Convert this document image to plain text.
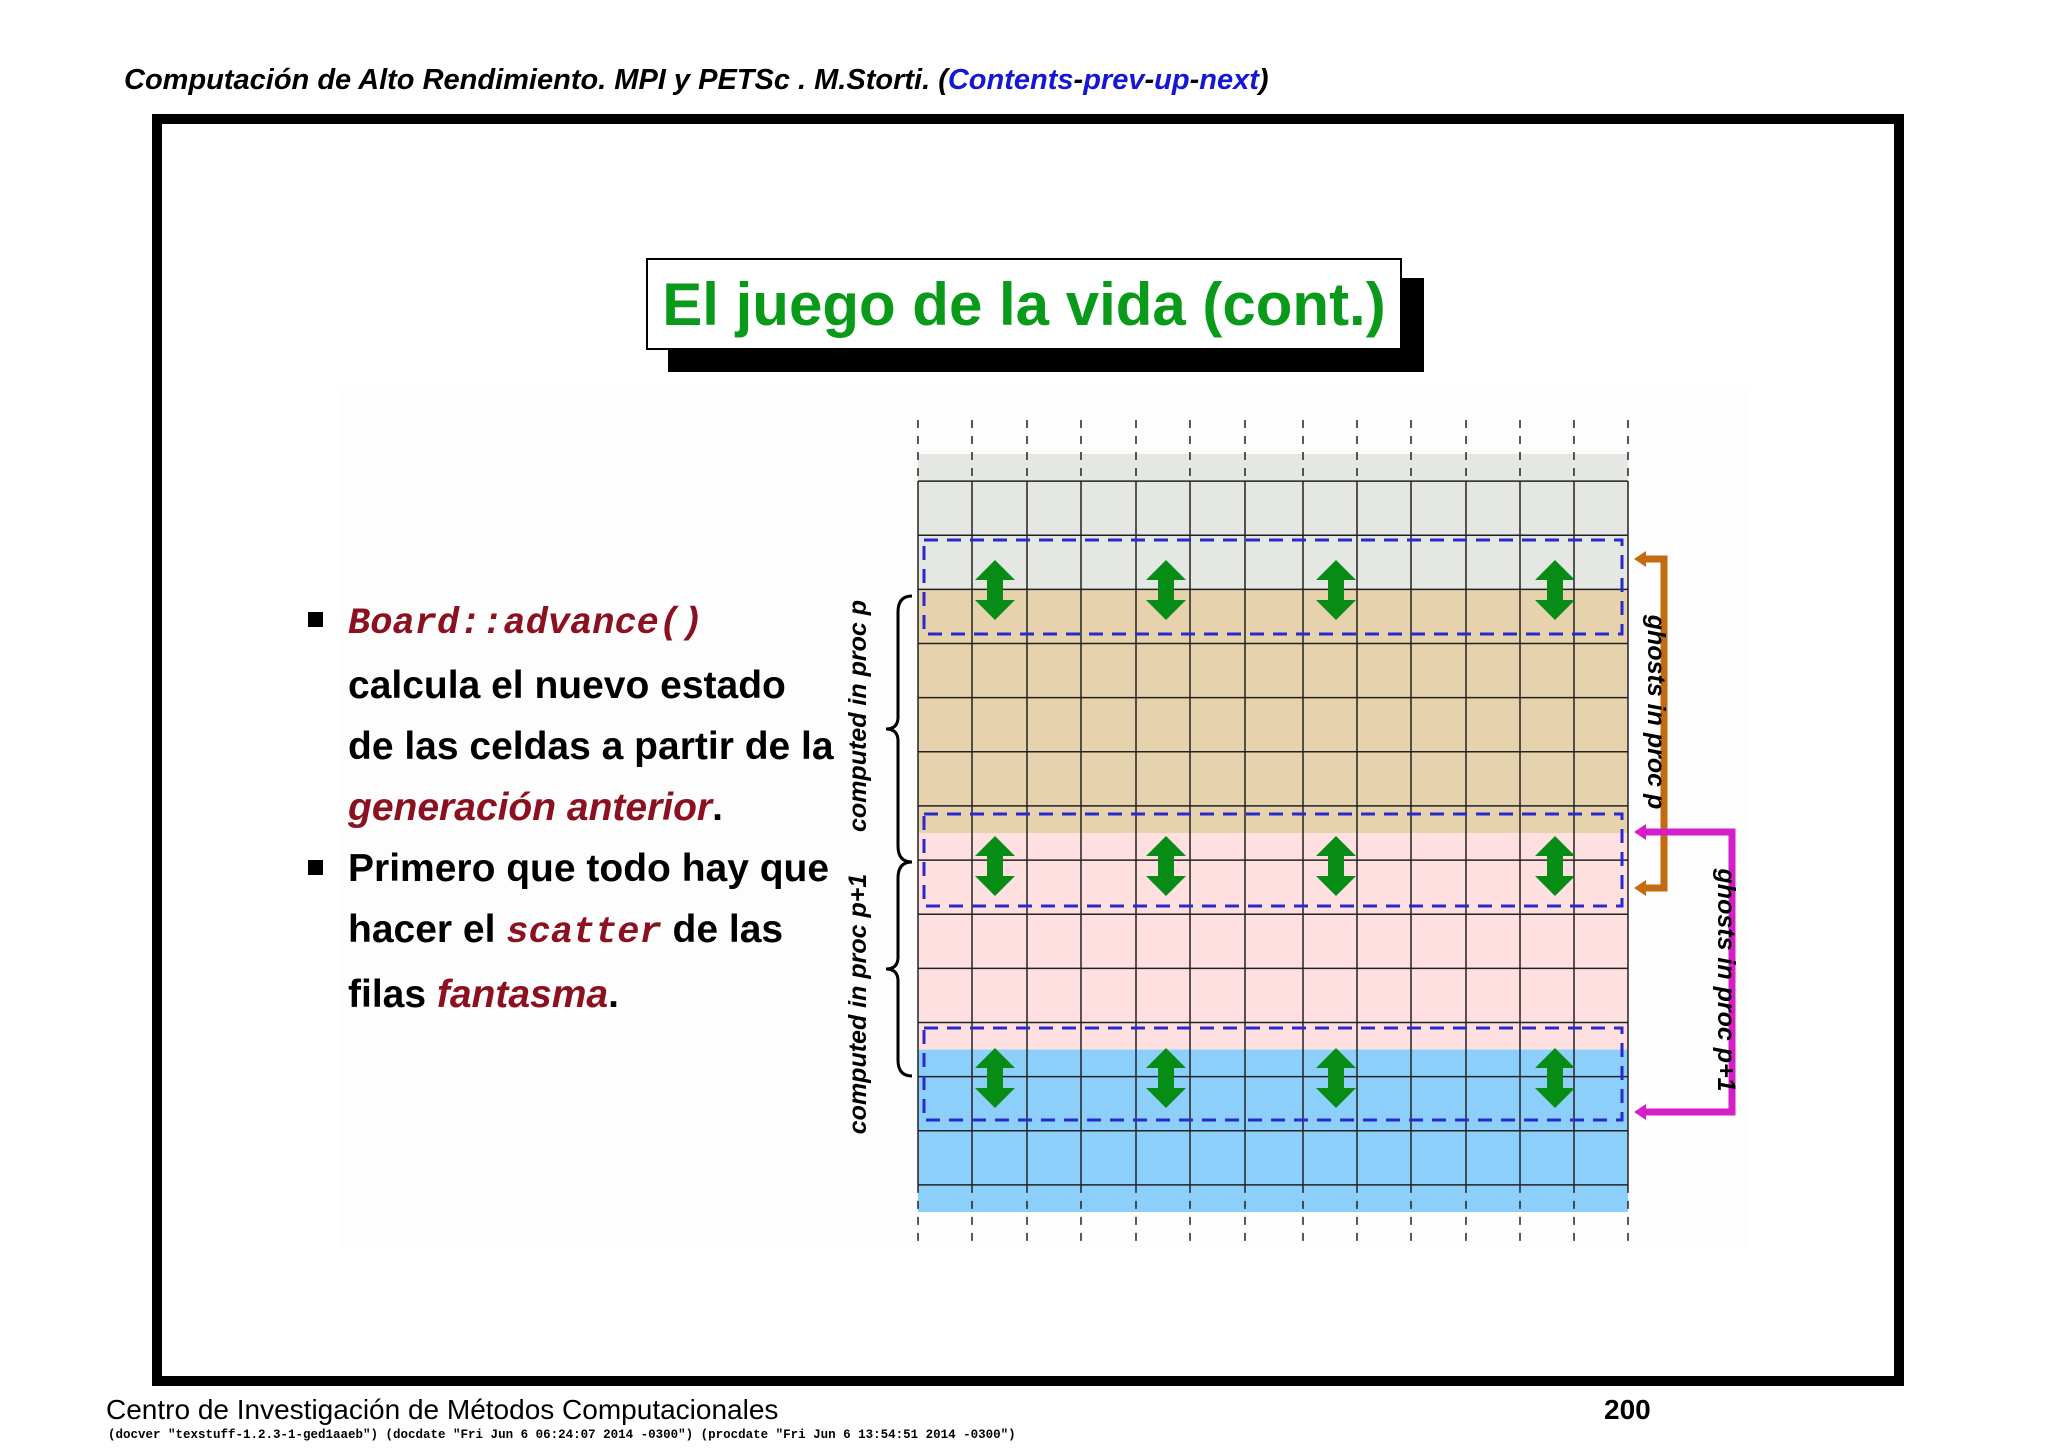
Computación de Alto Rendimiento. MPI y PETSc . M.Storti. (Contents-prev-up-next)
El juego de la vida (cont.)
Board::advance() calcula el nuevo estado de las celdas a partir de la generación anterior.
Primero que todo hay que hacer el scatter de las filas fantasma.
computed in proc p
computed in proc p+1
ghosts in proc p
ghosts in proc p+1
Centro de Investigación de Métodos Computacionales	200
(docver "texstuff-1.2.3-1-ged1aaeb") (docdate "Fri Jun 6 06:24:07 2014 -0300") (procdate "Fri Jun 6 13:54:51 2014 -0300")
